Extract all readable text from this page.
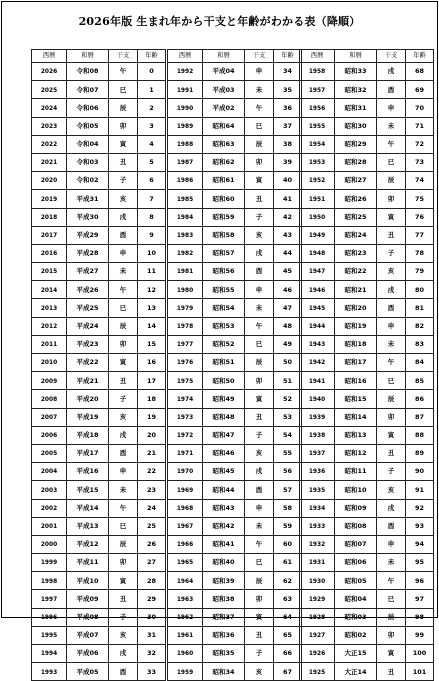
2026年版 生まれ年から干支と年齢がわかる表（降順）
西暦	和暦	干支	年齢
2026	令和08	午	0
2025	令和07	巳	1
2024	令和06	辰	2
2023	令和05	卯	3
2022	令和04	寅	4
2021	令和03	丑	5
2020	令和02	子	6
2019	平成31	亥	7
2018	平成30	戌	8
2017	平成29	酉	9
2016	平成28	申	10
2015	平成27	未	11
2014	平成26	午	12
2013	平成25	巳	13
2012	平成24	辰	14
2011	平成23	卯	15
2010	平成22	寅	16
2009	平成21	丑	17
2008	平成20	子	18
2007	平成19	亥	19
2006	平成18	戌	20
2005	平成17	酉	21
2004	平成16	申	22
2003	平成15	未	23
2002	平成14	午	24
2001	平成13	巳	25
2000	平成12	辰	26
1999	平成11	卯	27
1998	平成10	寅	28
1997	平成09	丑	29
1996	平成08	子	30
1995	平成07	亥	31
1994	平成06	戌	32
1993	平成05	酉	33
西暦	和暦	干支	年齢
1992	平成04	申	34
1991	平成03	未	35
1990	平成02	午	36
1989	昭和64	巳	37
1988	昭和63	辰	38
1987	昭和62	卯	39
1986	昭和61	寅	40
1985	昭和60	丑	41
1984	昭和59	子	42
1983	昭和58	亥	43
1982	昭和57	戌	44
1981	昭和56	酉	45
1980	昭和55	申	46
1979	昭和54	未	47
1978	昭和53	午	48
1977	昭和52	巳	49
1976	昭和51	辰	50
1975	昭和50	卯	51
1974	昭和49	寅	52
1973	昭和48	丑	53
1972	昭和47	子	54
1971	昭和46	亥	55
1970	昭和45	戌	56
1969	昭和44	酉	57
1968	昭和43	申	58
1967	昭和42	未	59
1966	昭和41	午	60
1965	昭和40	巳	61
1964	昭和39	辰	62
1963	昭和38	卯	63
1962	昭和37	寅	64
1961	昭和36	丑	65
1960	昭和35	子	66
1959	昭和34	亥	67
西暦	和暦	干支	年齢
1958	昭和33	戌	68
1957	昭和32	酉	69
1956	昭和31	申	70
1955	昭和30	未	71
1954	昭和29	午	72
1953	昭和28	巳	73
1952	昭和27	辰	74
1951	昭和26	卯	75
1950	昭和25	寅	76
1949	昭和24	丑	77
1948	昭和23	子	78
1947	昭和22	亥	79
1946	昭和21	戌	80
1945	昭和20	酉	81
1944	昭和19	申	82
1943	昭和18	未	83
1942	昭和17	午	84
1941	昭和16	巳	85
1940	昭和15	辰	86
1939	昭和14	卯	87
1938	昭和13	寅	88
1937	昭和12	丑	89
1936	昭和11	子	90
1935	昭和10	亥	91
1934	昭和09	戌	92
1933	昭和08	酉	93
1932	昭和07	申	94
1931	昭和06	未	95
1930	昭和05	午	96
1929	昭和04	巳	97
1928	昭和03	辰	98
1927	昭和02	卯	99
1926	大正15	寅	100
1925	大正14	丑	101
